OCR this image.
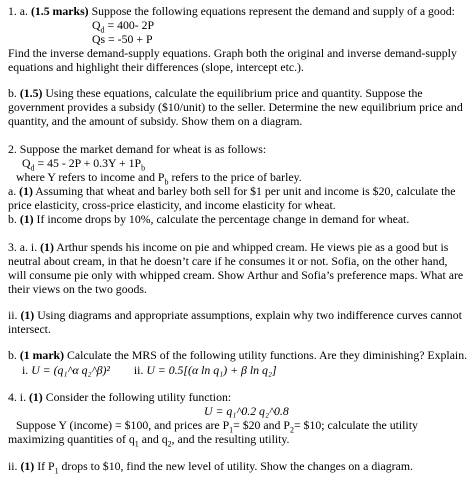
1. a. (1.5 marks) Suppose the following equations represent the demand and supply of a good:
$Q_d = 400-$ 2P
Qs = -50 + P
Find the inverse demand-supply equations. Graph both the original and inverse demand-supply
equations and highlight their differences (slope, intercept etc.).
b. (1.5) Using these equations, calculate the equilibrium price and quantity. Suppose the
government provides a subsidy ($10/unit) to the seller. Determine the new equilibrium price and
quantity, and the amount of subsidy. Show them on a diagram.
2. Suppose the market demand for wheat is as follows:
$Q_d = 45 - 2P + 0.3Y + 1P_b$
where Y refers to income and $P_b$ refers to the price of barley.
a. (1) Assuming that wheat and barley both sell for $1 per unit and income is $20, calculate the
price elasticity, cross-price elasticity, and income elasticity for wheat.
b. (1) If income drops by 10%, calculate the percentage change in demand for wheat.
3. a. i. (1) Arthur spends his income on pie and whipped cream. He views pie as a good but is
neutral about cream, in that he doesn’t care if he consumes it or not. Sofia, on the other hand,
will consume pie only with whipped cream. Show Arthur and Sofia’s preference maps. What are
their views on the two goods.
ii. (1) Using diagrams and appropriate assumptions, explain why two indifference curves cannot
intersect.
b. (1 mark) Calculate the MRS of the following utility functions. Are they diminishing? Explain.
i. U = (q₁^α q₂^β)² ii. U = 0.5[(α ln q₁) + β ln q₂]
4. i. (1) Consider the following utility function:
U = q₁^0.2 q₂^0.8
Suppose Y (income) = $100, and prices are $P_1=$ $20 and $P_2=$ $10; calculate the utility
maximizing quantities of $q_1$ and $q_2$, and the resulting utility.
ii. (1) If $P_1$ drops to $10, find the new level of utility. Show the changes on a diagram.
